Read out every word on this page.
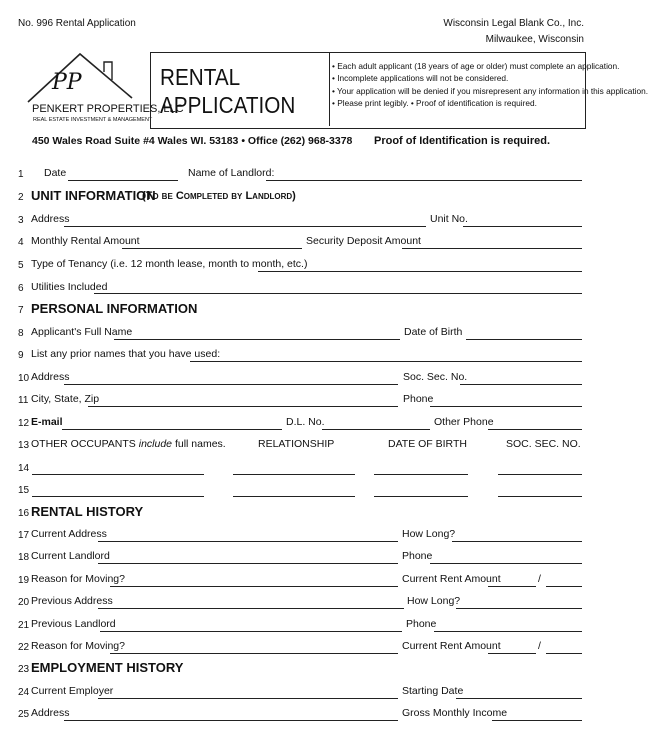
No. 996 Rental Application	Wisconsin Legal Blank Co., Inc.
Milwaukee, Wisconsin
PP
PENKERT PROPERTIES, LLC
REAL ESTATE INVESTMENT & MANAGEMENT
RENTAL
APPLICATION
• Each adult applicant (18 years of age or older) must complete an application.
• Incomplete applications will not be considered.
• Your application will be denied if you misrepresent any information in this application.
• Please print legibly. • Proof of identification is required.
450 Wales Road Suite #4 Wales WI. 53183 • Office (262) 968-3378 Proof of Identification is required.
1 Date	Name of Landlord:
2 UNIT INFORMATION
(To be Completed by Landlord)
3 Address	Unit No.
4 Monthly Rental Amount	Security Deposit Amount
5 Type of Tenancy (i.e. 12 month lease, month to month, etc.)
6 Utilities Included
7 PERSONAL INFORMATION
8 Applicant's Full Name	Date of Birth
9 List any prior names that you have used:
10 Address	Soc. Sec. No.
11 City, State, Zip	Phone
12 E-mail	D.L. No.	Other Phone
13 OTHER OCCUPANTS include full names.	RELATIONSHIP	DATE OF BIRTH	SOC. SEC. NO.
14
15
16 RENTAL HISTORY
17 Current Address	How Long?
18 Current Landlord	Phone
19 Reason for Moving?	Current Rent Amount	/
20 Previous Address	How Long?
21 Previous Landlord	Phone
22 Reason for Moving?	Current Rent Amount	/
23 EMPLOYMENT HISTORY
24 Current Employer	Starting Date
25 Address	Gross Monthly Income
